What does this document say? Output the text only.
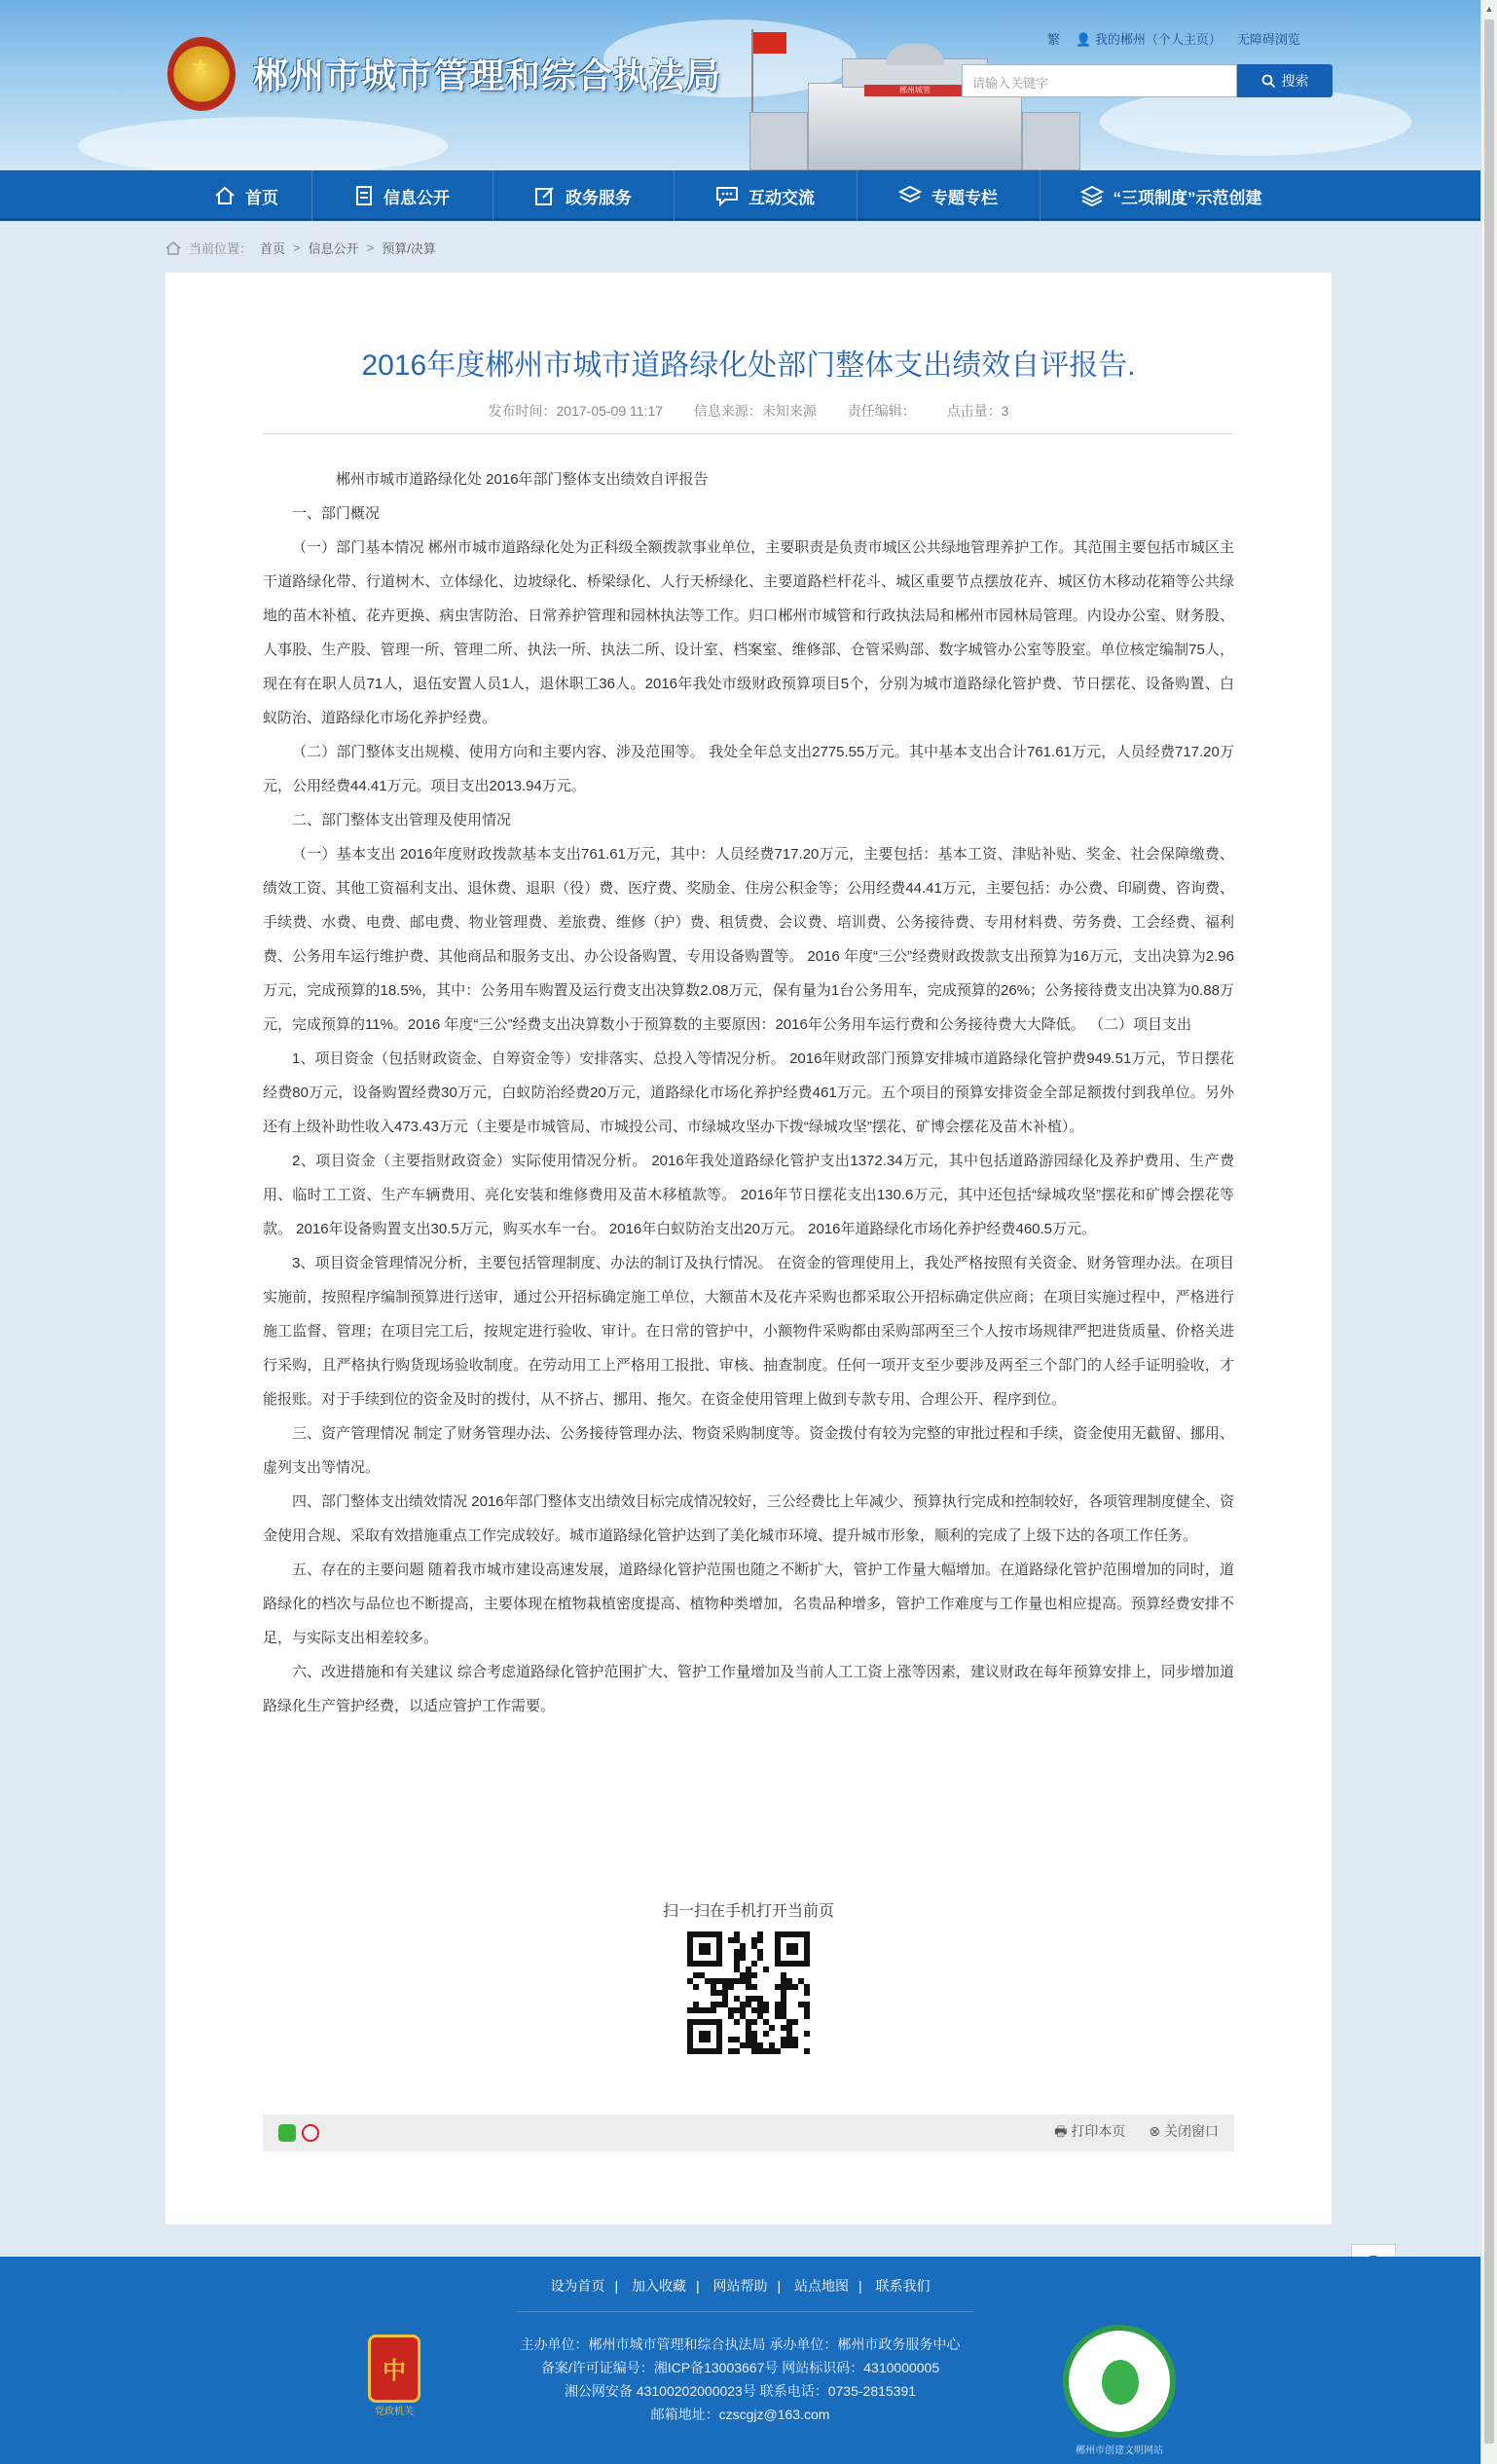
▲
★
郴州市城市管理和综合执法局	郴州城管
繁 👤 我的郴州（个人主页） 无障碍浏览
请输入关键字	搜索
首页	信息公开	政务服务	互动交流	专题专栏	“三项制度”示范创建
当前位置： 首页 > 信息公开 > 预算/决算
2016年度郴州市城市道路绿化处部门整体支出绩效自评报告.
发布时间：2017-05-09 11:17 信息来源：未知来源 责任编辑： 点击量：3

郴州市城市道路绿化处 2016年部门整体支出绩效自评报告

一、部门概况

（一）部门基本情况 郴州市城市道路绿化处为正科级全额拨款事业单位，主要职责是负责市城区公共绿地管理养护工作。其范围主要包括市城区主干道路绿化带、行道树木、立体绿化、边坡绿化、桥梁绿化、人行天桥绿化、主要道路栏杆花斗、城区重要节点摆放花卉、城区仿木移动花箱等公共绿地的苗木补植、花卉更换、病虫害防治、日常养护管理和园林执法等工作。归口郴州市城管和行政执法局和郴州市园林局管理。内设办公室、财务股、人事股、生产股、管理一所、管理二所、执法一所、执法二所、设计室、档案室、维修部、仓管采购部、数字城管办公室等股室。单位核定编制75人，现在有在职人员71人，退伍安置人员1人，退休职工36人。2016年我处市级财政预算项目5个，分别为城市道路绿化管护费、节日摆花、设备购置、白蚁防治、道路绿化市场化养护经费。

（二）部门整体支出规模、使用方向和主要内容、涉及范围等。 我处全年总支出2775.55万元。其中基本支出合计761.61万元，人员经费717.20万元，公用经费44.41万元。项目支出2013.94万元。

二、部门整体支出管理及使用情况

（一）基本支出 2016年度财政拨款基本支出761.61万元，其中：人员经费717.20万元，主要包括：基本工资、津贴补贴、奖金、社会保障缴费、绩效工资、其他工资福利支出、退休费、退职（役）费、医疗费、奖励金、住房公积金等；公用经费44.41万元，主要包括：办公费、印刷费、咨询费、手续费、水费、电费、邮电费、物业管理费、差旅费、维修（护）费、租赁费、会议费、培训费、公务接待费、专用材料费、劳务费、工会经费、福利费、公务用车运行维护费、其他商品和服务支出、办公设备购置、专用设备购置等。 2016 年度“三公”经费财政拨款支出预算为16万元，支出决算为2.96万元，完成预算的18.5%，其中：公务用车购置及运行费支出决算数2.08万元，保有量为1台公务用车，完成预算的26%；公务接待费支出决算为0.88万元，完成预算的11%。2016 年度“三公”经费支出决算数小于预算数的主要原因：2016年公务用车运行费和公务接待费大大降低。 （二）项目支出

1、项目资金（包括财政资金、自筹资金等）安排落实、总投入等情况分析。 2016年财政部门预算安排城市道路绿化管护费949.51万元，节日摆花经费80万元，设备购置经费30万元，白蚁防治经费20万元，道路绿化市场化养护经费461万元。五个项目的预算安排资金全部足额拨付到我单位。另外还有上级补助性收入473.43万元（主要是市城管局、市城投公司、市绿城攻坚办下拨“绿城攻坚”摆花、矿博会摆花及苗木补植）。

2、项目资金（主要指财政资金）实际使用情况分析。 2016年我处道路绿化管护支出1372.34万元，其中包括道路游园绿化及养护费用、生产费用、临时工工资、生产车辆费用、亮化安装和维修费用及苗木移植款等。 2016年节日摆花支出130.6万元，其中还包括“绿城攻坚”摆花和矿博会摆花等款。 2016年设备购置支出30.5万元，购买水车一台。 2016年白蚁防治支出20万元。 2016年道路绿化市场化养护经费460.5万元。

3、项目资金管理情况分析，主要包括管理制度、办法的制订及执行情况。 在资金的管理使用上，我处严格按照有关资金、财务管理办法。在项目实施前，按照程序编制预算进行送审，通过公开招标确定施工单位，大额苗木及花卉采购也都采取公开招标确定供应商；在项目实施过程中，严格进行施工监督、管理；在项目完工后，按规定进行验收、审计。在日常的管护中，小额物件采购都由采购部两至三个人按市场规律严把进货质量、价格关进行采购，且严格执行购货现场验收制度。在劳动用工上严格用工报批、审核、抽查制度。任何一项开支至少要涉及两至三个部门的人经手证明验收，才能报账。对于手续到位的资金及时的拨付，从不挤占、挪用、拖欠。在资金使用管理上做到专款专用、合理公开、程序到位。

三、资产管理情况 制定了财务管理办法、公务接待管理办法、物资采购制度等。资金拨付有较为完整的审批过程和手续，资金使用无截留、挪用、虚列支出等情况。

四、部门整体支出绩效情况 2016年部门整体支出绩效目标完成情况较好，三公经费比上年减少、预算执行完成和控制较好，各项管理制度健全、资金使用合规、采取有效措施重点工作完成较好。城市道路绿化管护达到了美化城市环境、提升城市形象，顺利的完成了上级下达的各项工作任务。

五、存在的主要问题 随着我市城市建设高速发展，道路绿化管护范围也随之不断扩大，管护工作量大幅增加。在道路绿化管护范围增加的同时，道路绿化的档次与品位也不断提高，主要体现在植物栽植密度提高、植物种类增加，名贵品种增多，管护工作难度与工作量也相应提高。预算经费安排不足，与实际支出相差较多。

六、改进措施和有关建议 综合考虑道路绿化管护范围扩大、管护工作量增加及当前人工工资上涨等因素，建议财政在每年预算安排上，同步增加道路绿化生产管护经费，以适应管护工作需要。

扫一扫在手机打开当前页
🖶 打印本页 ⊗ 关闭窗口
设为首页 | 加入收藏 | 网站帮助 | 站点地图 | 联系我们
中
党政机关
主办单位：郴州市城市管理和综合执法局 承办单位：郴州市政务服务中心
备案/许可证编号：湘ICP备13003667号 网站标识码：4310000005
湘公网安备 43100202000023号 联系电话：0735-2815391
邮箱地址：czscgjz@163.com
郴州市创建文明网站
